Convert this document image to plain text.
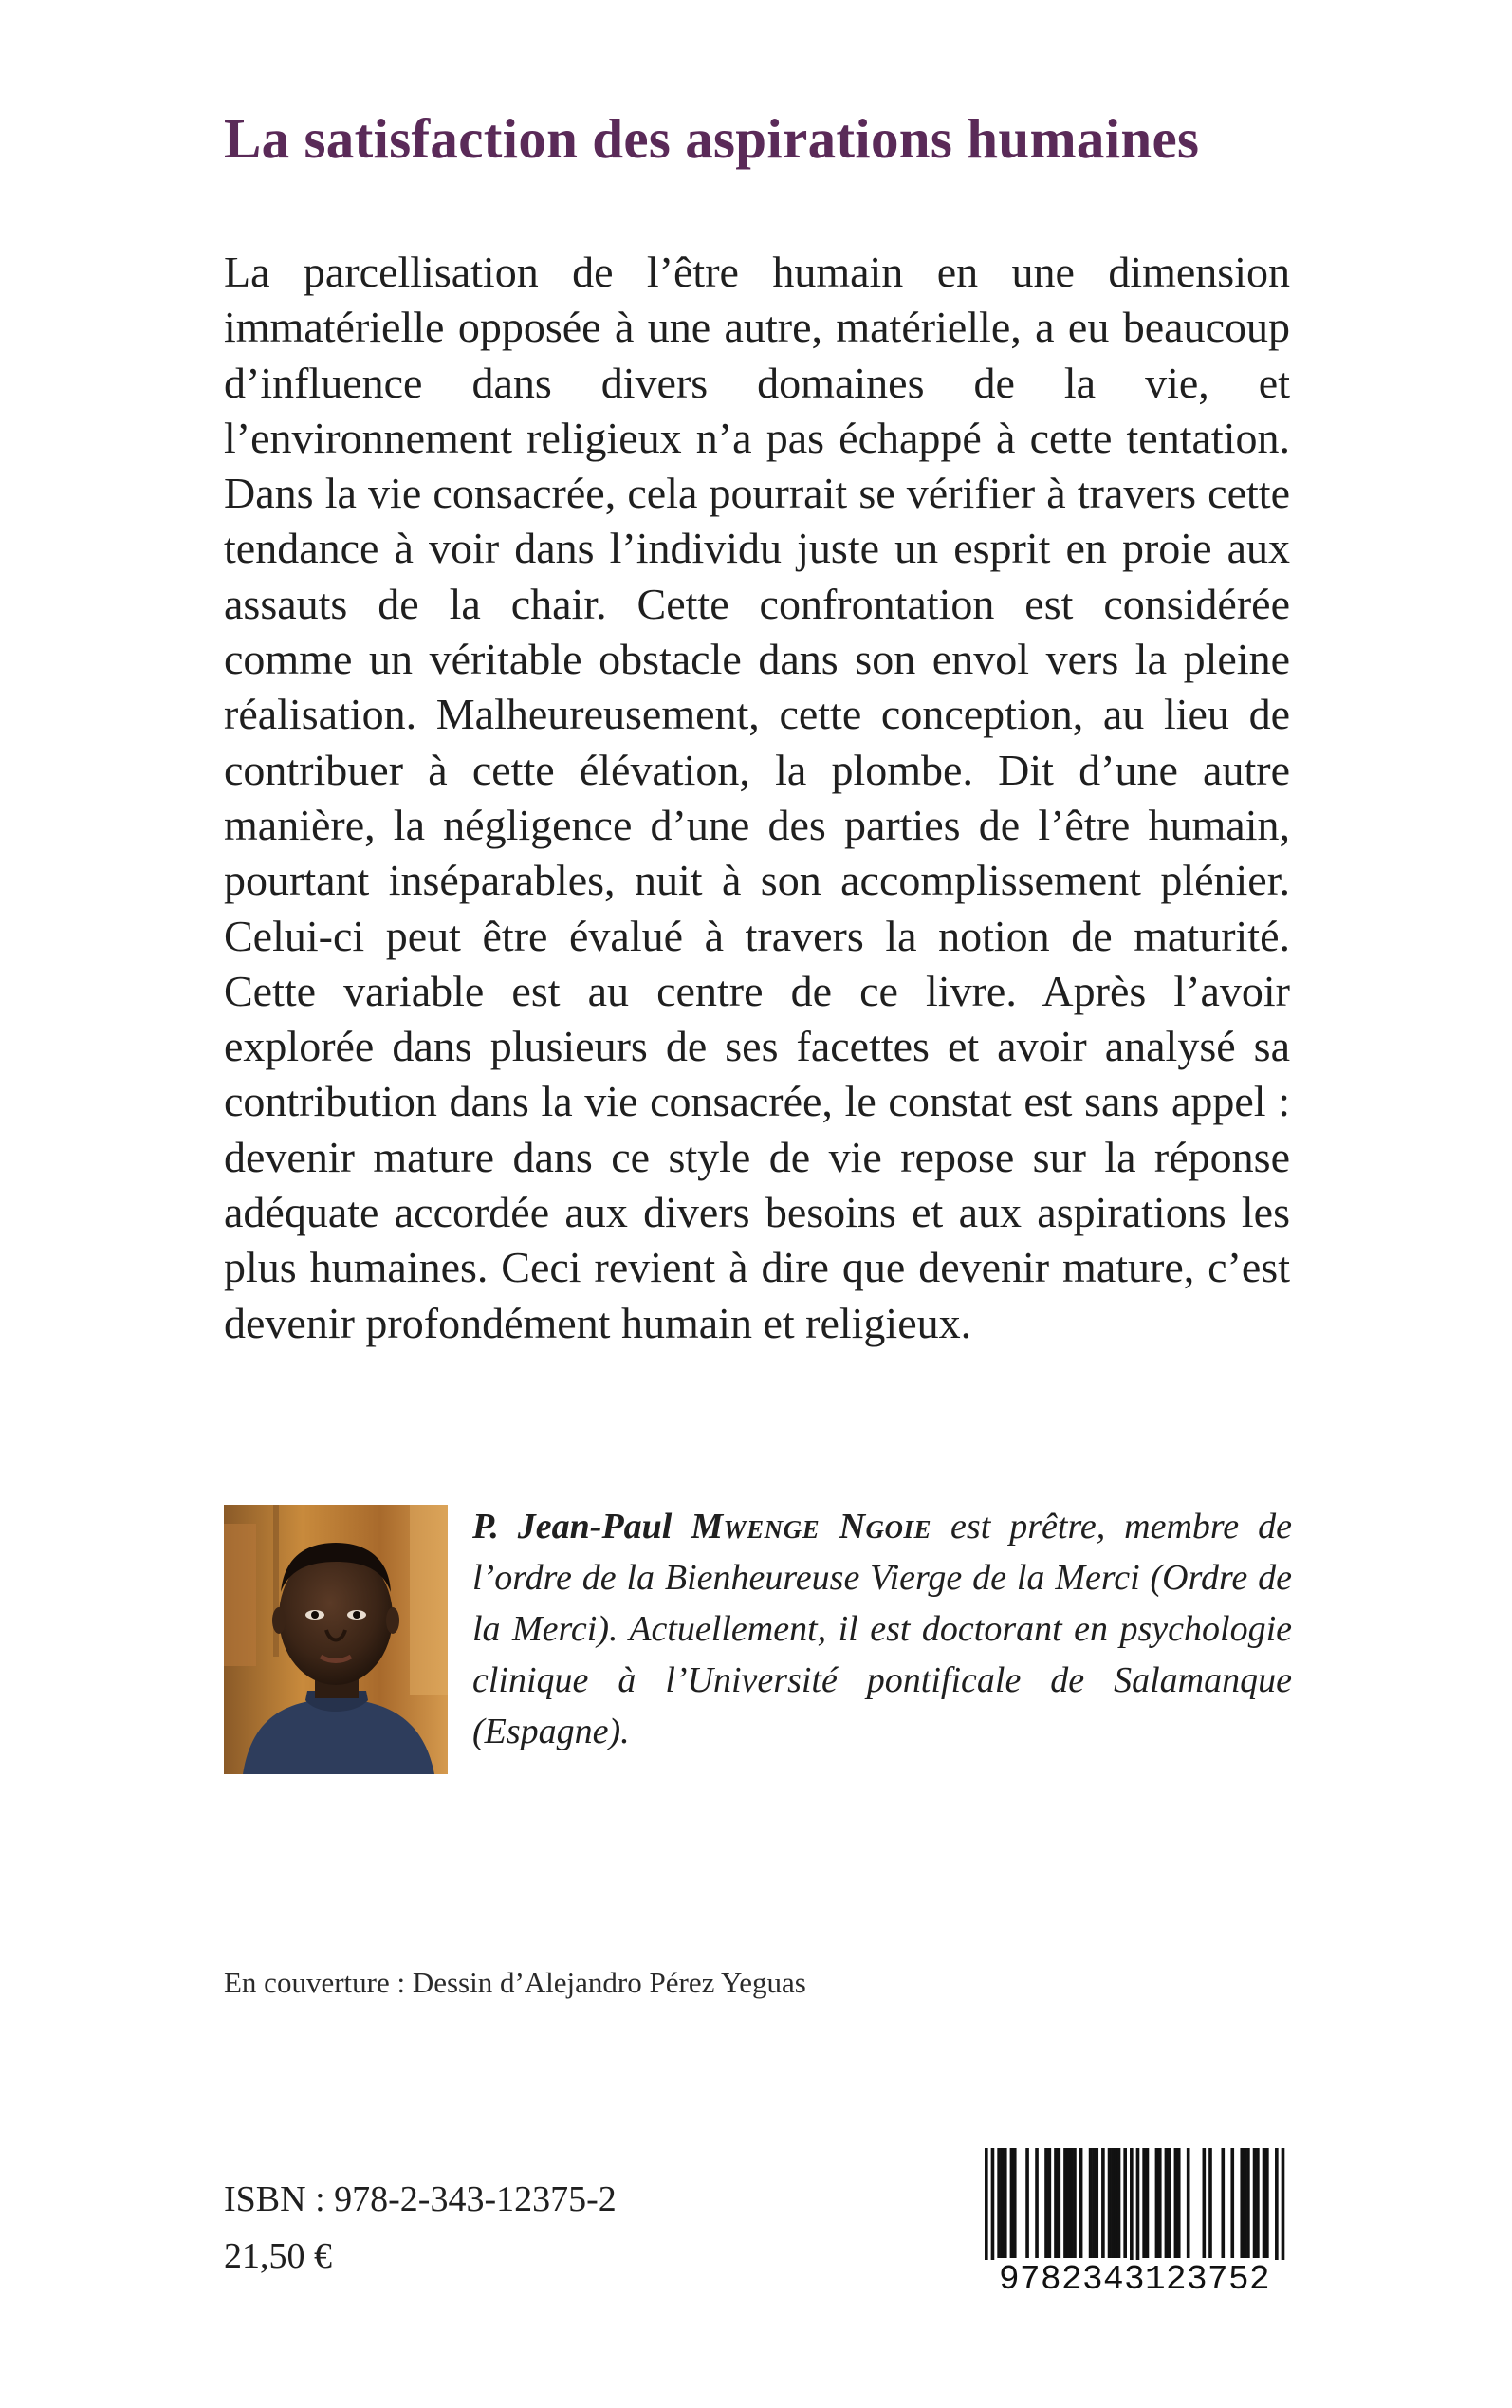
La satisfaction des aspirations humaines
La parcellisation de l’être humain en une dimension immatérielle opposée à une autre, matérielle, a eu beaucoup d’influence dans divers domaines de la vie, et l’environnement religieux n’a pas échappé à cette tentation. Dans la vie consacrée, cela pourrait se vérifier à travers cette tendance à voir dans l’individu juste un esprit en proie aux assauts de la chair. Cette confrontation est considérée comme un véritable obstacle dans son envol vers la pleine réalisation. Malheureusement, cette conception, au lieu de contribuer à cette élévation, la plombe. Dit d’une autre manière, la négligence d’une des parties de l’être humain, pourtant inséparables, nuit à son accomplissement plénier. Celui-ci peut être évalué à travers la notion de maturité. Cette variable est au centre de ce livre. Après l’avoir explorée dans plusieurs de ses facettes et avoir analysé sa contribution dans la vie consacrée, le constat est sans appel : devenir mature dans ce style de vie repose sur la réponse adéquate accordée aux divers besoins et aux aspirations les plus humaines. Ceci revient à dire que devenir mature, c’est devenir profondément humain et religieux.
P. Jean-Paul Mwenge Ngoie est prêtre, membre de l’ordre de la Bienheureuse Vierge de la Merci (Ordre de la Merci). Actuellement, il est doctorant en psychologie clinique à l’Université pontificale de Salamanque (Espagne).
En couverture : Dessin d’Alejandro Pérez Yeguas
ISBN : 978-2-343-12375-2
21,50 €
9782343123752
